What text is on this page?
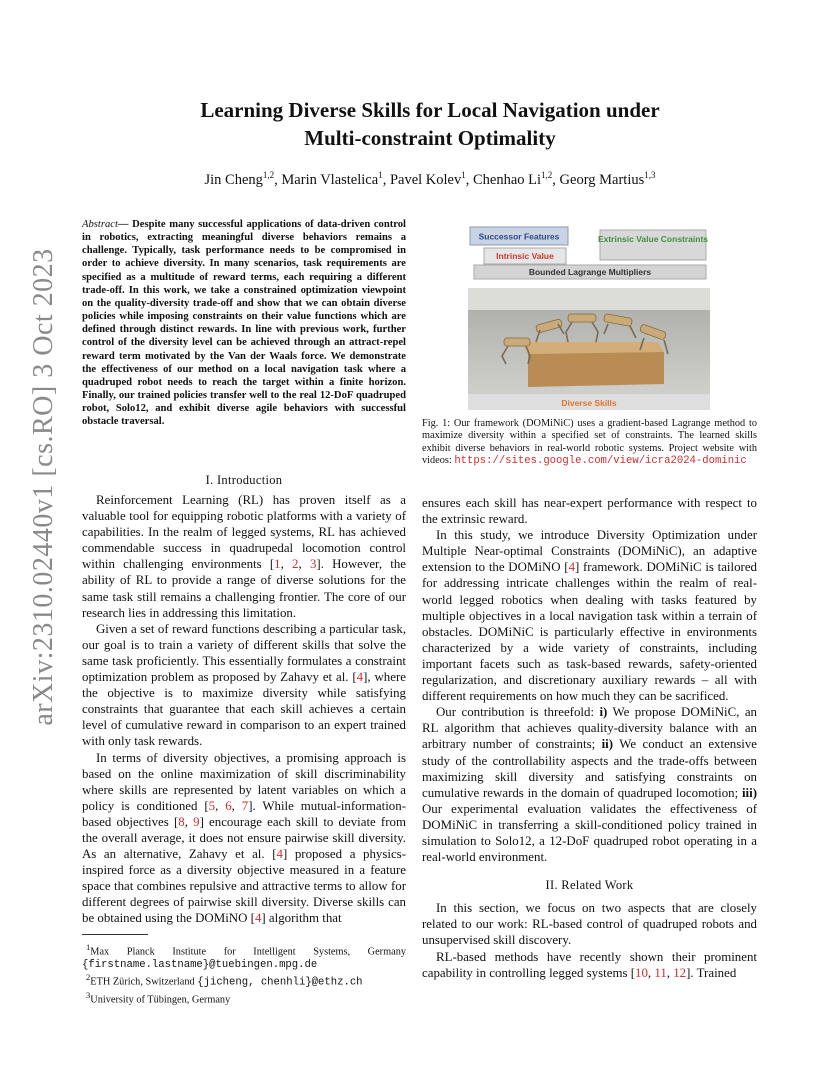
arXiv:2310.02440v1 [cs.RO] 3 Oct 2023
Learning Diverse Skills for Local Navigation under
Multi-constraint Optimality
Jin Cheng$^{1,2}$, Marin Vlastelica$^1$, Pavel Kolev$^1$, Chenhao Li$^{1,2}$, Georg Martius$^{1,3}$
Abstract— Despite many successful applications of data-driven control in robotics, extracting meaningful diverse behaviors remains a challenge. Typically, task performance needs to be compromised in order to achieve diversity. In many scenarios, task requirements are specified as a multitude of reward terms, each requiring a different trade-off. In this work, we take a constrained optimization viewpoint on the quality-diversity trade-off and show that we can obtain diverse policies while imposing constraints on their value functions which are defined through distinct rewards. In line with previous work, further control of the diversity level can be achieved through an attract-repel reward term motivated by the Van der Waals force. We demonstrate the effectiveness of our method on a local navigation task where a quadruped robot needs to reach the target within a finite horizon. Finally, our trained policies transfer well to the real 12-DoF quadruped robot, Solo12, and exhibit diverse agile behaviors with successful obstacle traversal.
I. Introduction

Reinforcement Learning (RL) has proven itself as a valuable tool for equipping robotic platforms with a variety of capabilities. In the realm of legged systems, RL has achieved commendable success in quadrupedal locomotion control within challenging environments [1, 2, 3]. However, the ability of RL to provide a range of diverse solutions for the same task still remains a challenging frontier. The core of our research lies in addressing this limitation.

Given a set of reward functions describing a particular task, our goal is to train a variety of different skills that solve the same task proficiently. This essentially formulates a constraint optimization problem as proposed by Zahavy et al. [4], where the objective is to maximize diversity while satisfying constraints that guarantee that each skill achieves a certain level of cumulative reward in comparison to an expert trained with only task rewards.

In terms of diversity objectives, a promising approach is based on the online maximization of skill discriminability where skills are represented by latent variables on which a policy is conditioned [5, 6, 7]. While mutual-information-based objectives [8, 9] encourage each skill to deviate from the overall average, it does not ensure pairwise skill diversity. As an alternative, Zahavy et al. [4] proposed a physics-inspired force as a diversity objective measured in a feature space that combines repulsive and attractive terms to allow for different degrees of pairwise skill diversity. Diverse skills can be obtained using the DOMiNO [4] algorithm that

$^1$Max Planck Institute for Intelligent Systems, Germany {firstname.lastname}@tuebingen.mpg.de
$^2$ETH Zürich, Switzerland {jicheng, chenhli}@ethz.ch
$^3$University of Tübingen, Germany
Successor Features
Intrinsic Value
Extrinsic Value Constraints
Bounded Lagrange Multipliers
Diverse Skills
Fig. 1: Our framework (DOMiNiC) uses a gradient-based Lagrange method to maximize diversity within a specified set of constraints. The learned skills exhibit diverse behaviors in real-world robotic systems. Project website with videos: https://sites.google.com/view/icra2024-dominic

ensures each skill has near-expert performance with respect to the extrinsic reward.

In this study, we introduce Diversity Optimization under Multiple Near-optimal Constraints (DOMiNiC), an adaptive extension to the DOMiNO [4] framework. DOMiNiC is tailored for addressing intricate challenges within the realm of real-world legged robotics when dealing with tasks featured by multiple objectives in a local navigation task within a terrain of obstacles. DOMiNiC is particularly effective in environments characterized by a wide variety of constraints, including important facets such as task-based rewards, safety-oriented regularization, and discretionary auxiliary rewards – all with different requirements on how much they can be sacrificed.

Our contribution is threefold: i) We propose DOMiNiC, an RL algorithm that achieves quality-diversity balance with an arbitrary number of constraints; ii) We conduct an extensive study of the controllability aspects and the trade-offs between maximizing skill diversity and satisfying constraints on cumulative rewards in the domain of quadruped locomotion; iii) Our experimental evaluation validates the effectiveness of DOMiNiC in transferring a skill-conditioned policy trained in simulation to Solo12, a 12-DoF quadruped robot operating in a real-world environment.

II. Related Work

In this section, we focus on two aspects that are closely related to our work: RL-based control of quadruped robots and unsupervised skill discovery.

RL-based methods have recently shown their prominent capability in controlling legged systems [10, 11, 12]. Trained
